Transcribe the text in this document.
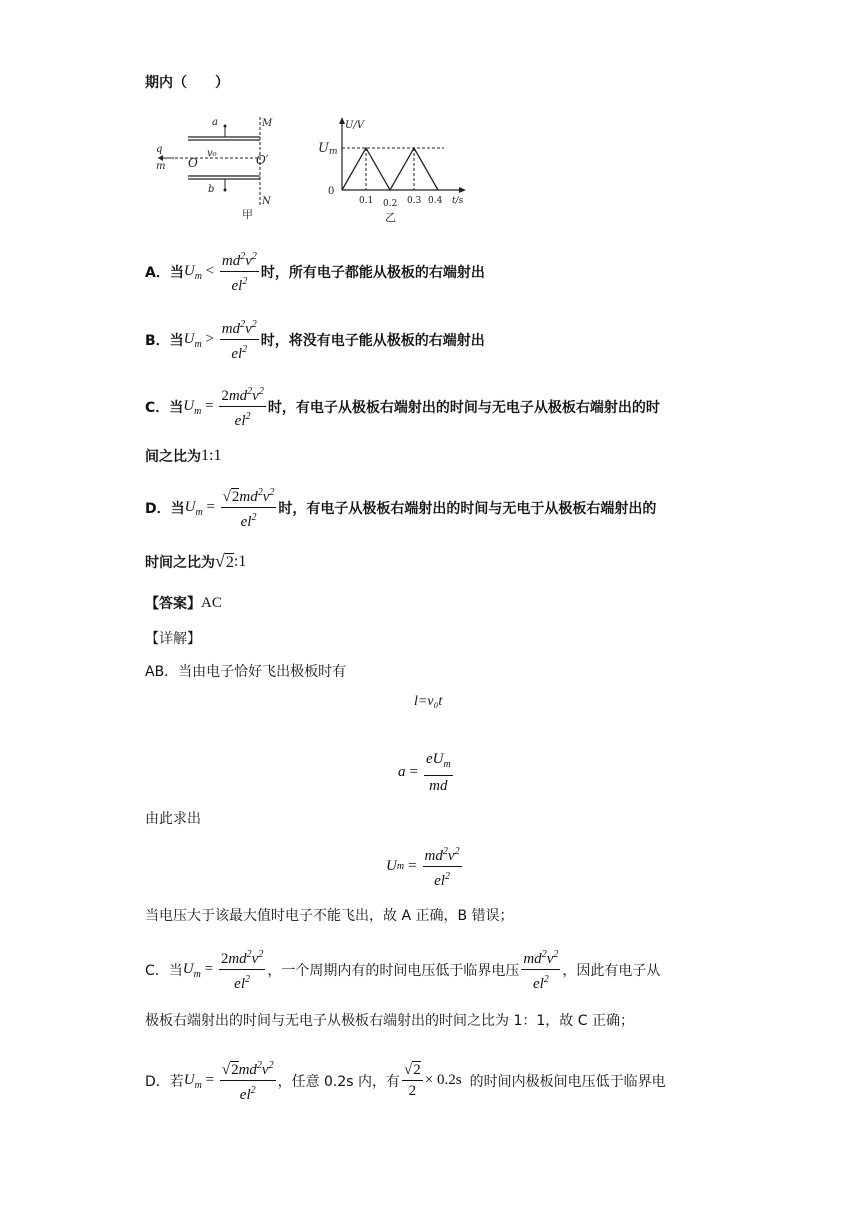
期内（　　）
a	M
q
m
v₀
O	O′
b
N
甲
U/V
Um
0
0.1 0.2 0.3 0.4 t/s
乙
A．当 $U_m < \frac{md^2v^2}{el^2}$ 时，所有电子都能从极板的右端射出
B．当 $U_m > \frac{md^2v^2}{el^2}$ 时，将没有电子能从极板的右端射出
C．当 $U_m = \frac{2md^2v^2}{el^2}$ 时，有电子从极板右端射出的时间与无电子从极板右端射出的时
间之比为 1:1
D．当 $U_m = \frac{√2md^2v^2}{el^2}$ 时，有电子从极板右端射出的时间与无电于从极板右端射出的
时间之比为 √2 :1
【答案】 AC
【详解】
AB．当由电子恰好飞出极板时有
l=v₀t
$a = \frac{eU_m}{md}$
由此求出
U $m = \frac{md^2v^2}{el^2}$
当电压大于该最大值时电子不能飞出，故 A 正确，B 错误；
C．当 $U_m = \frac{2md^2v^2}{el^2}$ ，一个周期内有的时间电压低于临界电压 $\frac{md^2v^2}{el^2}$ ，因此有电子从
极板右端射出的时间与无电子从极板右端射出的时间之比为 1：1，故 C 正确；
D．若 $U_m = \frac{√2md^2v^2}{el^2}$ ，任意 0.2s 内，有 $\frac{√2}{2} \times 0.2s$ 的时间内极板间电压低于临界电
